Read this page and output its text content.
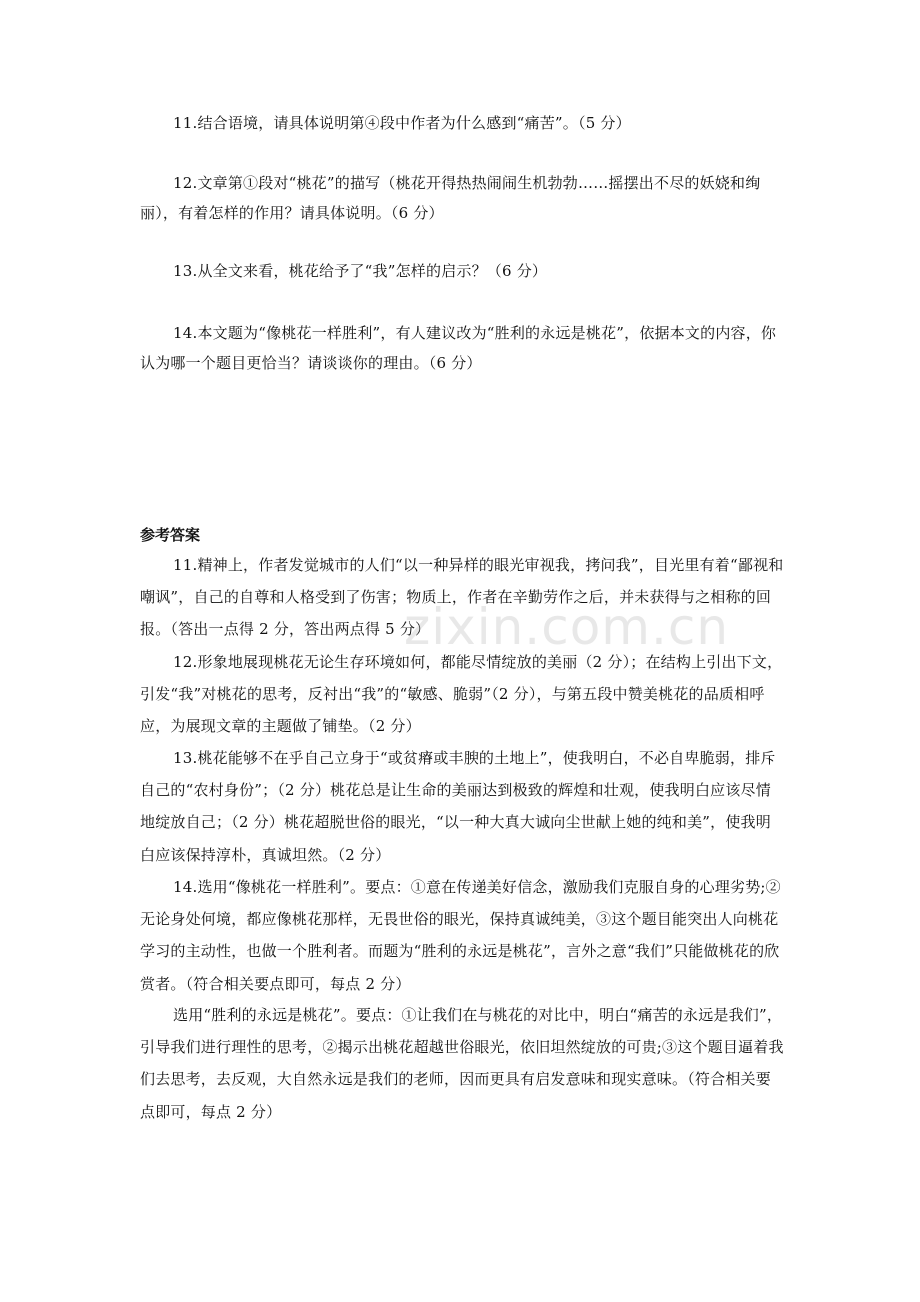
11.结合语境，请具体说明第④段中作者为什么感到“痛苦”。（5 分）

12.文章第①段对“桃花”的描写（桃花开得热热闹闹生机勃勃……摇摆出不尽的妖娆和绚丽），有着怎样的作用？请具体说明。（6 分）

13.从全文来看，桃花给予了“我”怎样的启示？（6 分）

14.本文题为“像桃花一样胜利”，有人建议改为“胜利的永远是桃花”，依据本文的内容，你认为哪一个题目更恰当？请谈谈你的理由。（6 分）

参考答案

11.精神上，作者发觉城市的人们“以一种异样的眼光审视我，拷问我”，目光里有着“鄙视和嘲讽”，自己的自尊和人格受到了伤害；物质上，作者在辛勤劳作之后，并未获得与之相称的回报。（答出一点得 2 分，答出两点得 5 分）

12.形象地展现桃花无论生存环境如何，都能尽情绽放的美丽（2 分）；在结构上引出下文，引发“我”对桃花的思考，反衬出“我”的“敏感、脆弱”（2 分），与第五段中赞美桃花的品质相呼应，为展现文章的主题做了铺垫。（2 分）

13.桃花能够不在乎自己立身于“或贫瘠或丰腴的土地上”，使我明白，不必自卑脆弱，排斥自己的“农村身份”；（2 分）桃花总是让生命的美丽达到极致的辉煌和壮观，使我明白应该尽情地绽放自己；（2 分）桃花超脱世俗的眼光，“以一种大真大诚向尘世献上她的纯和美”，使我明白应该保持淳朴，真诚坦然。（2 分）

14.选用“像桃花一样胜利”。要点：①意在传递美好信念，激励我们克服自身的心理劣势;②无论身处何境，都应像桃花那样，无畏世俗的眼光，保持真诚纯美，③这个题目能突出人向桃花学习的主动性，也做一个胜利者。而题为“胜利的永远是桃花”，言外之意“我们”只能做桃花的欣赏者。（符合相关要点即可，每点 2 分）

选用“胜利的永远是桃花”。要点：①让我们在与桃花的对比中，明白“痛苦的永远是我们”，引导我们进行理性的思考，②揭示出桃花超越世俗眼光，依旧坦然绽放的可贵;③这个题目逼着我们去思考，去反观，大自然永远是我们的老师，因而更具有启发意味和现实意味。（符合相关要点即可，每点 2 分）

zixin.com.cn
